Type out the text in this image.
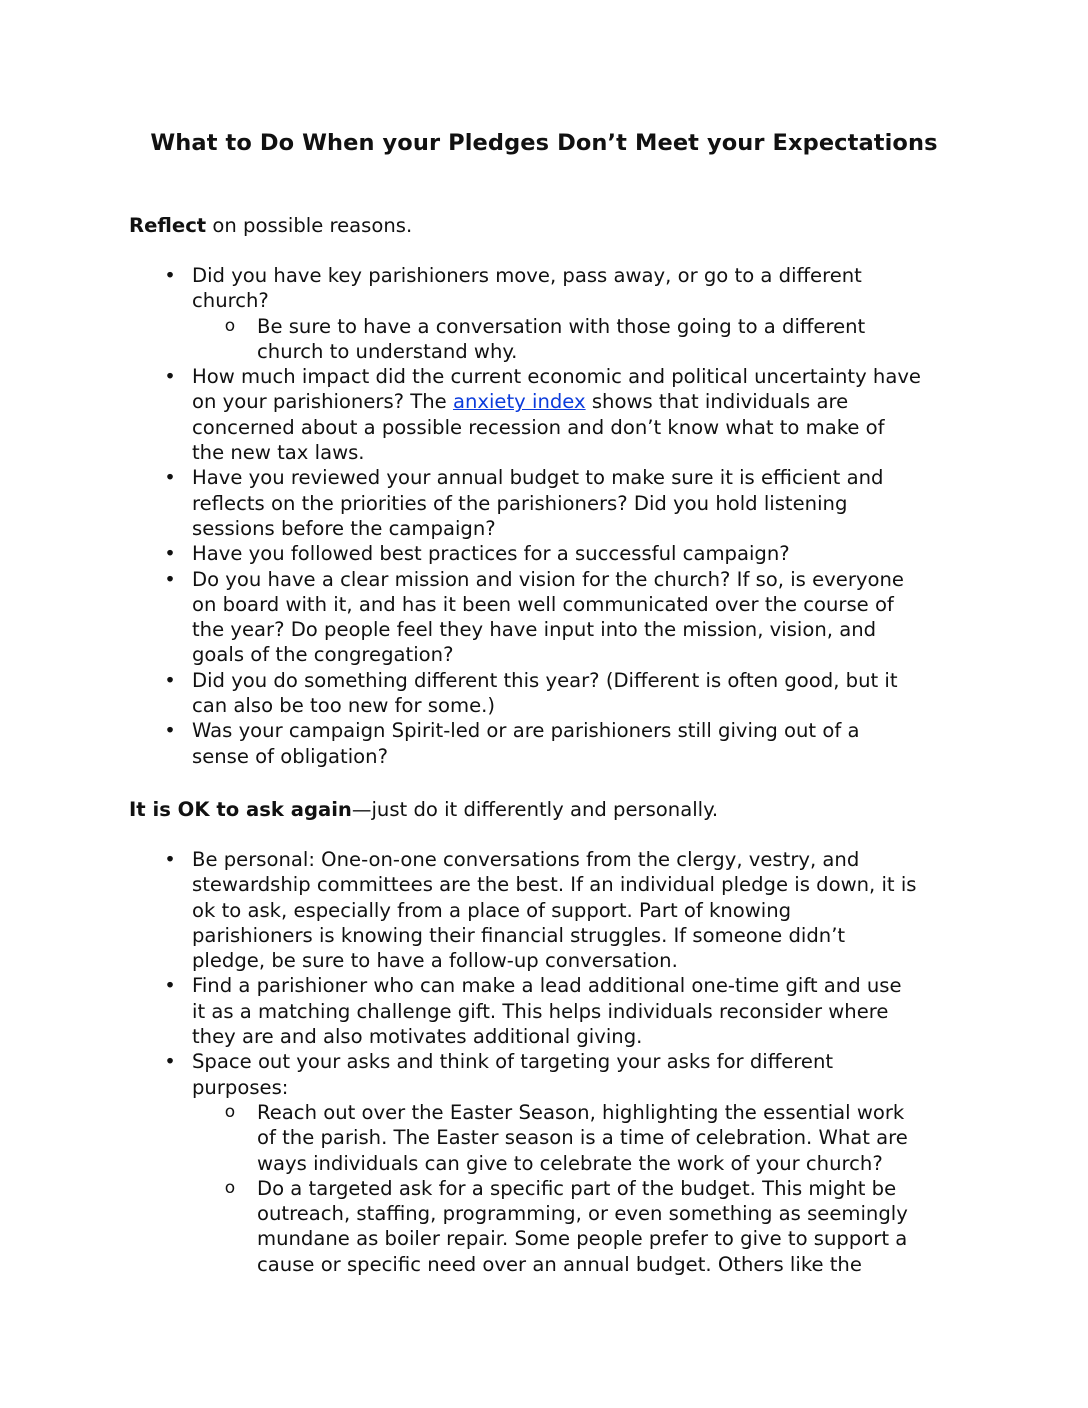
What to Do When your Pledges Don’t Meet your Expectations
Reflect on possible reasons.
• Did you have key parishioners move, pass away, or go to a different
church?
o Be sure to have a conversation with those going to a different
church to understand why.
• How much impact did the current economic and political uncertainty have
on your parishioners? The anxiety index shows that individuals are
concerned about a possible recession and don’t know what to make of
the new tax laws.
• Have you reviewed your annual budget to make sure it is efficient and
reflects on the priorities of the parishioners? Did you hold listening
sessions before the campaign?
• Have you followed best practices for a successful campaign?
• Do you have a clear mission and vision for the church? If so, is everyone
on board with it, and has it been well communicated over the course of
the year? Do people feel they have input into the mission, vision, and
goals of the congregation?
• Did you do something different this year? (Different is often good, but it
can also be too new for some.)
• Was your campaign Spirit-led or are parishioners still giving out of a
sense of obligation?
It is OK to ask again—just do it differently and personally.
• Be personal: One-on-one conversations from the clergy, vestry, and
stewardship committees are the best. If an individual pledge is down, it is
ok to ask, especially from a place of support. Part of knowing
parishioners is knowing their financial struggles. If someone didn’t
pledge, be sure to have a follow-up conversation.
• Find a parishioner who can make a lead additional one-time gift and use
it as a matching challenge gift. This helps individuals reconsider where
they are and also motivates additional giving.
• Space out your asks and think of targeting your asks for different
purposes:
o Reach out over the Easter Season, highlighting the essential work
of the parish. The Easter season is a time of celebration. What are
ways individuals can give to celebrate the work of your church?
o Do a targeted ask for a specific part of the budget. This might be
outreach, staffing, programming, or even something as seemingly
mundane as boiler repair. Some people prefer to give to support a
cause or specific need over an annual budget. Others like the
